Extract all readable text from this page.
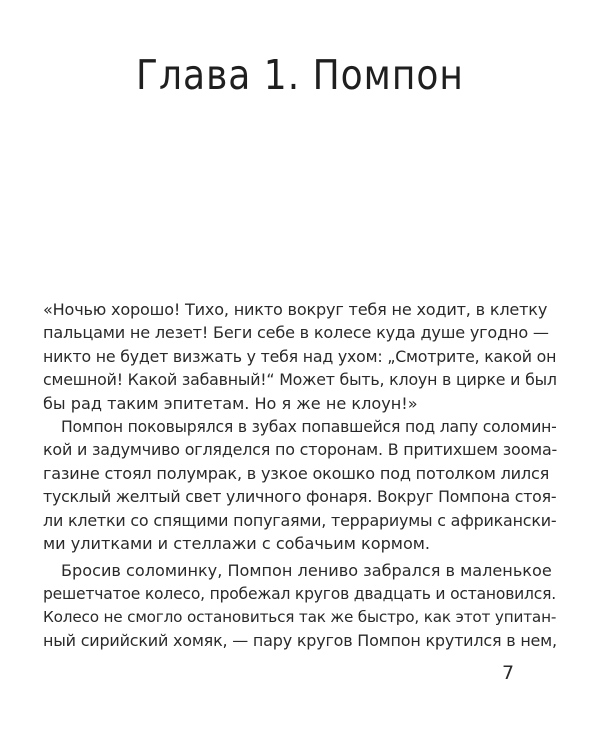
Глава 1. Помпон
«Ночью хорошо! Тихо, никто вокруг тебя не ходит, в клетку
пальцами не лезет! Беги себе в колесе куда душе угодно —
никто не будет визжать у тебя над ухом: „Смотрите, какой он
смешной! Какой забавный!“ Может быть, клоун в цирке и был
бы рад таким эпитетам. Но я же не клоун!»
Помпон поковырялся в зубах попавшейся под лапу соломин-
кой и задумчиво огляделся по сторонам. В притихшем зоома-
газине стоял полумрак, в узкое окошко под потолком лился
тусклый желтый свет уличного фонаря. Вокруг Помпона стоя-
ли клетки со спящими попугаями, террариумы с африкански-
ми улитками и стеллажи с собачьим кормом.
Бросив соломинку, Помпон лениво забрался в маленькое
решетчатое колесо, пробежал кругов двадцать и остановился.
Колесо не смогло остановиться так же быстро, как этот упитан-
ный сирийский хомяк, — пару кругов Помпон крутился в нем,
7
